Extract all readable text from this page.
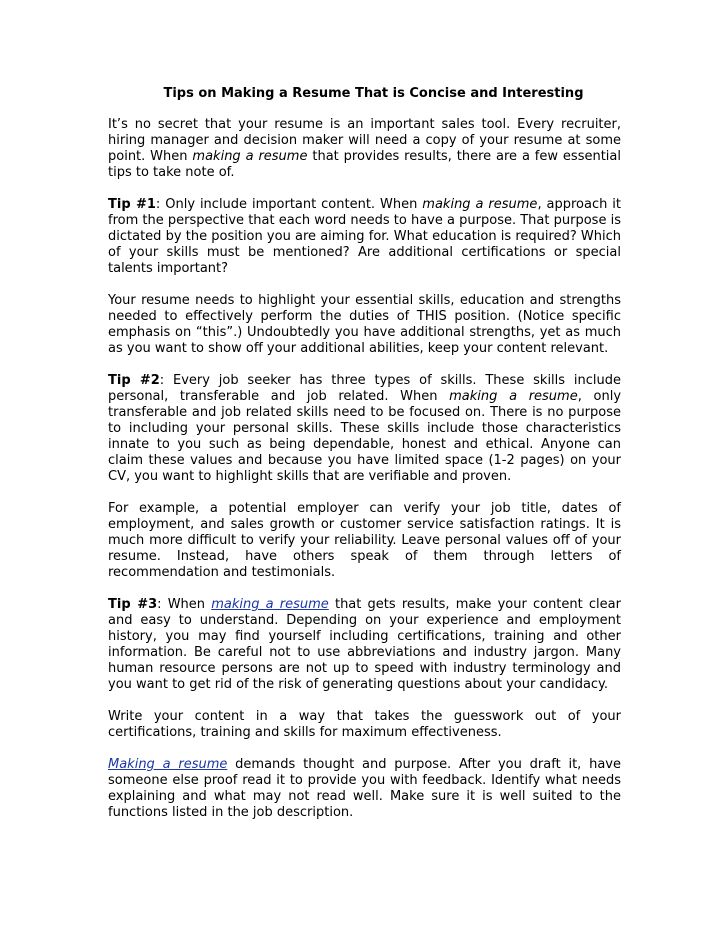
Tips on Making a Resume That is Concise and Interesting

It’s no secret that your resume is an important sales tool. Every recruiter, hiring manager and decision maker will need a copy of your resume at some point. When making a resume that provides results, there are a few essential tips to take note of.

Tip #1: Only include important content. When making a resume, approach it from the perspective that each word needs to have a purpose. That purpose is dictated by the position you are aiming for. What education is required? Which of your skills must be mentioned? Are additional certifications or special talents important?

Your resume needs to highlight your essential skills, education and strengths needed to effectively perform the duties of THIS position. (Notice specific emphasis on “this”.) Undoubtedly you have additional strengths, yet as much as you want to show off your additional abilities, keep your content relevant.

Tip #2: Every job seeker has three types of skills. These skills include personal, transferable and job related. When making a resume, only transferable and job related skills need to be focused on. There is no purpose to including your personal skills. These skills include those characteristics innate to you such as being dependable, honest and ethical. Anyone can claim these values and because you have limited space (1-2 pages) on your CV, you want to highlight skills that are verifiable and proven.

For example, a potential employer can verify your job title, dates of employment, and sales growth or customer service satisfaction ratings. It is much more difficult to verify your reliability. Leave personal values off of your resume. Instead, have others speak of them through letters of recommendation and testimonials.

Tip #3: When making a resume that gets results, make your content clear and easy to understand. Depending on your experience and employment history, you may find yourself including certifications, training and other information. Be careful not to use abbreviations and industry jargon. Many human resource persons are not up to speed with industry terminology and you want to get rid of the risk of generating questions about your candidacy.

Write your content in a way that takes the guesswork out of your certifications, training and skills for maximum effectiveness.

Making a resume demands thought and purpose. After you draft it, have someone else proof read it to provide you with feedback. Identify what needs explaining and what may not read well. Make sure it is well suited to the functions listed in the job description.
